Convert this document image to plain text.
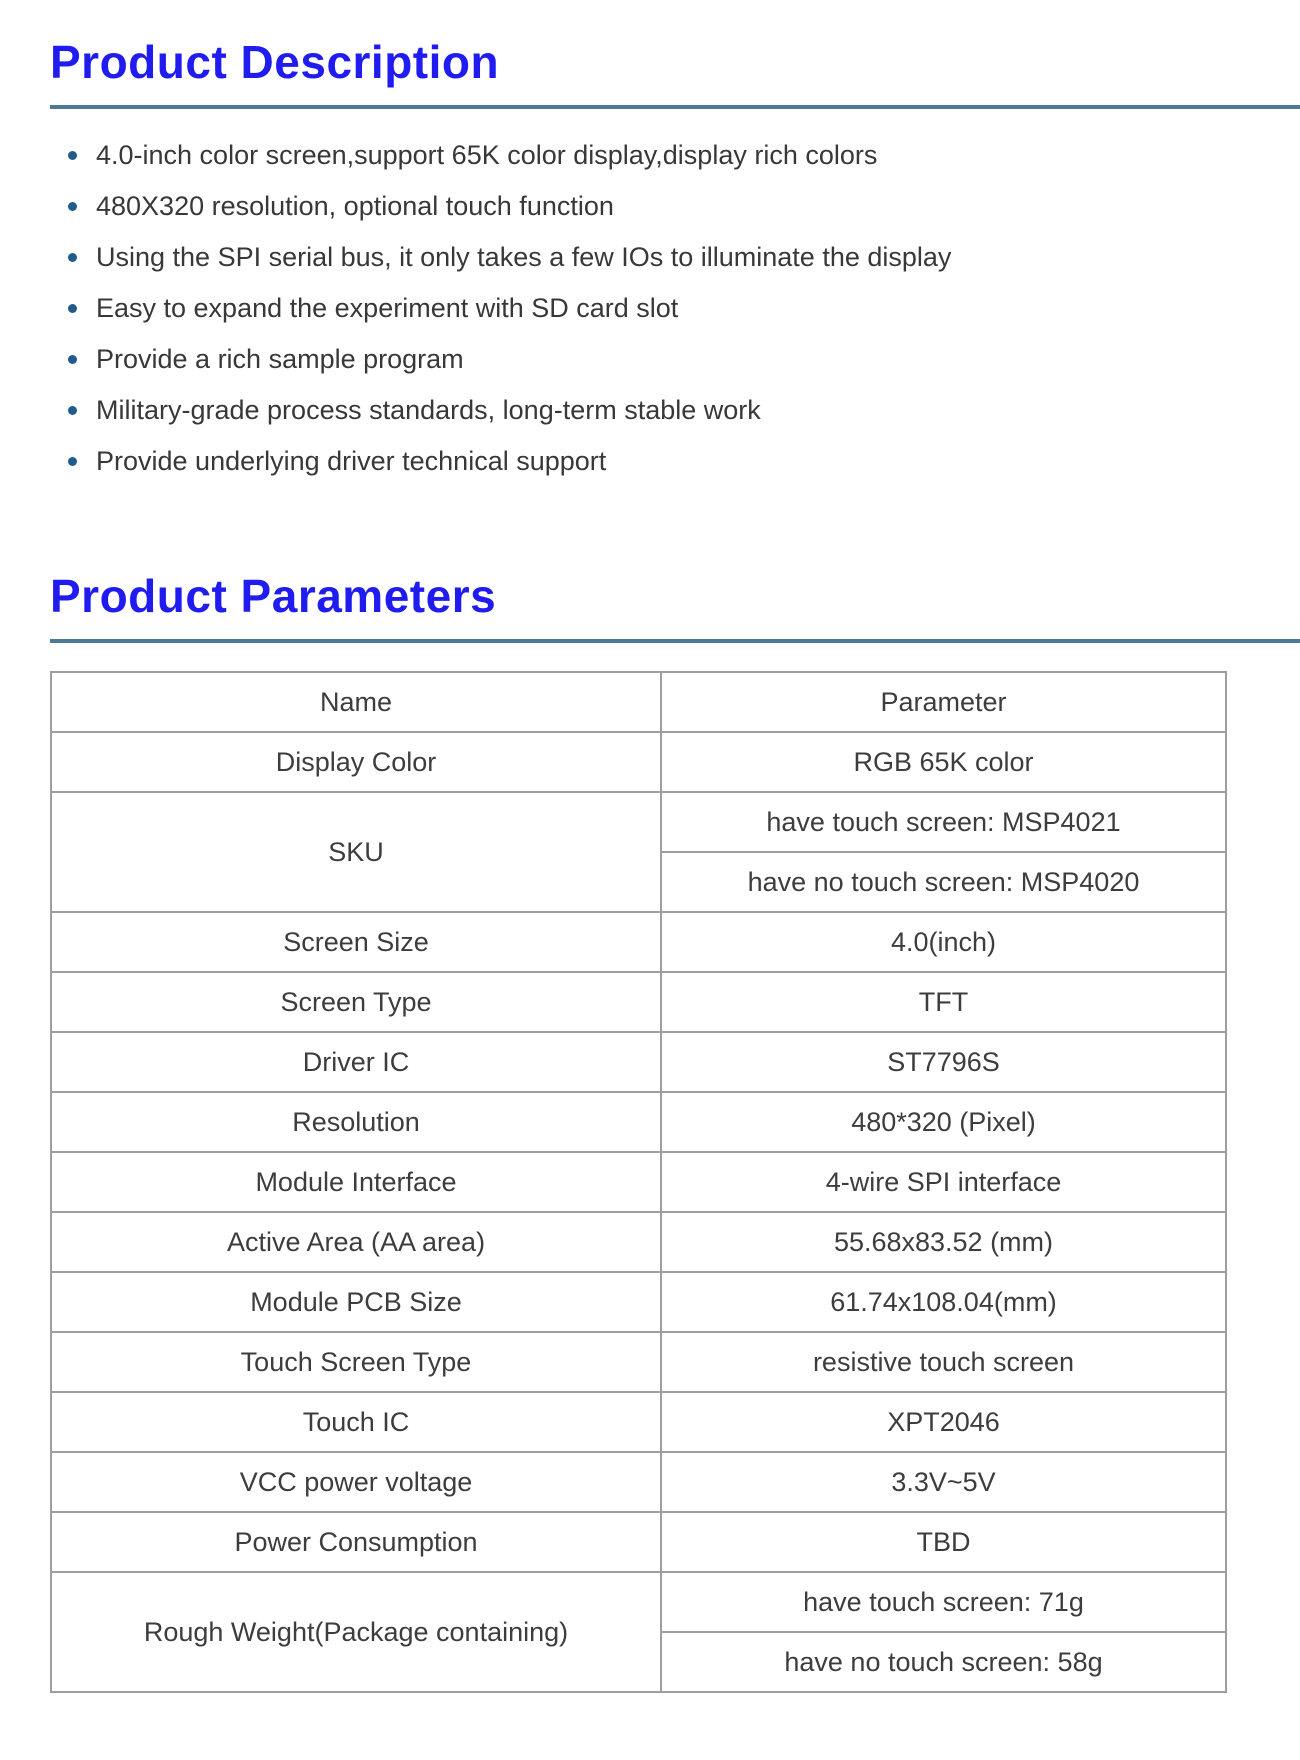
Product Description
4.0-inch color screen,support 65K color display,display rich colors
480X320 resolution, optional touch function
Using the SPI serial bus, it only takes a few IOs to illuminate the display
Easy to expand the experiment with SD card slot
Provide a rich sample program
Military-grade process standards, long-term stable work
Provide underlying driver technical support
Product Parameters
Name	Parameter
Display Color	RGB 65K color
SKU	have touch screen: MSP4021
	have no touch screen: MSP4020
Screen Size	4.0(inch)
Screen Type	TFT
Driver IC	ST7796S
Resolution	480*320 (Pixel)
Module Interface	4-wire SPI interface
Active Area (AA area)	55.68x83.52 (mm)
Module PCB Size	61.74x108.04(mm)
Touch Screen Type	resistive touch screen
Touch IC	XPT2046
VCC power voltage	3.3V~5V
Power Consumption	TBD
Rough Weight(Package containing)	have touch screen: 71g
	have no touch screen: 58g
